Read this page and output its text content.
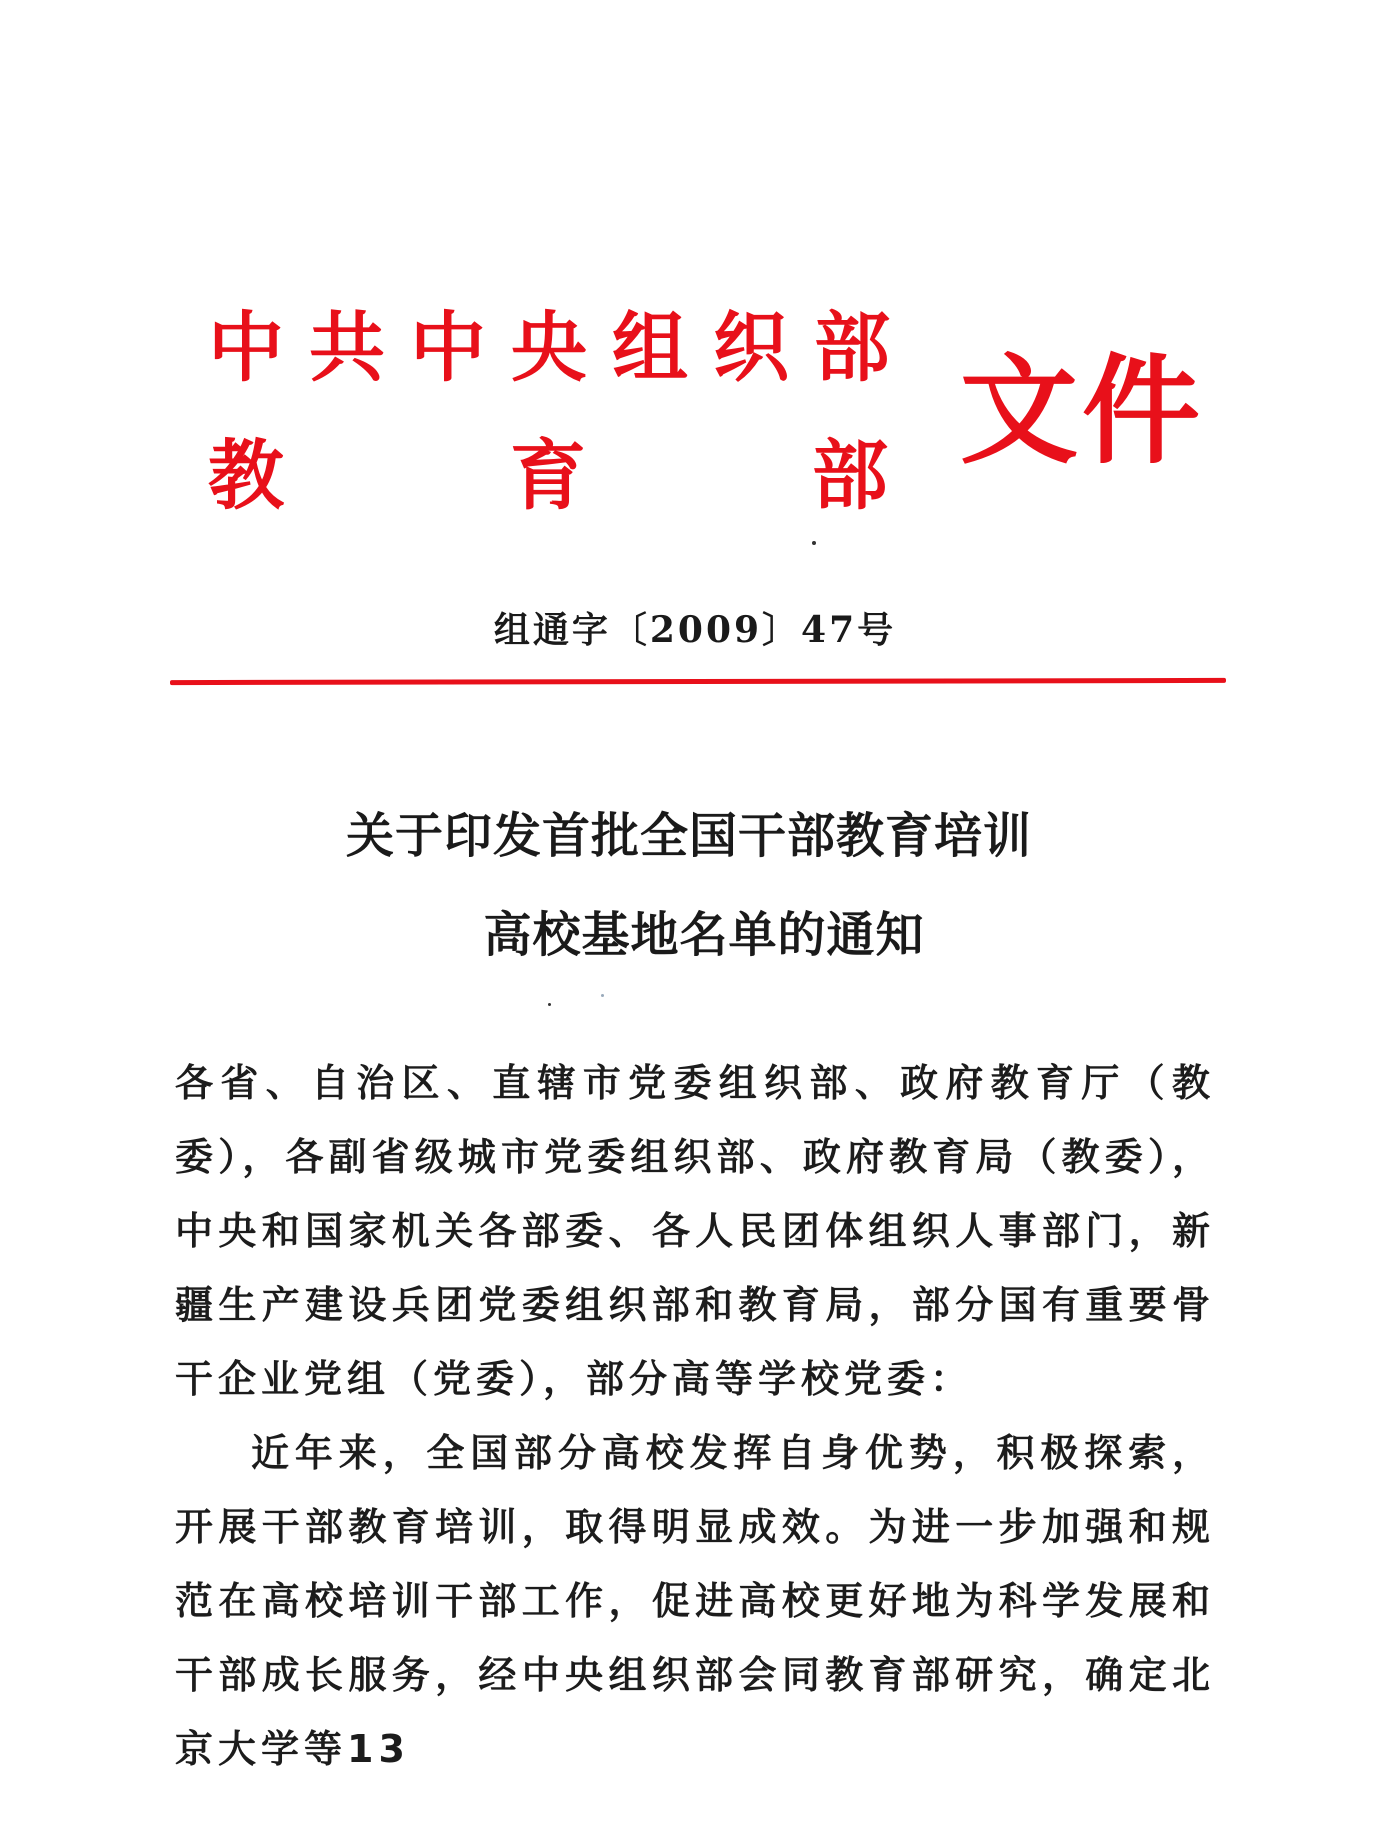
中共中央组织部
教	育	部 文件
组通字〔2009〕47号
关于印发首批全国干部教育培训
高校基地名单的通知
各省、自治区、直辖市党委组织部、政府教育厅（教委），各副省级城市党委组织部、政府教育局（教委），中央和国家机关各部委、各人民团体组织人事部门，新疆生产建设兵团党委组织部和教育局，部分国有重要骨干企业党组（党委），部分高等学校党委：
近年来，全国部分高校发挥自身优势，积极探索，开展干部教育培训，取得明显成效。为进一步加强和规范在高校培训干部工作，促进高校更好地为科学发展和干部成长服务，经中央组织部会同教育部研究，确定北京大学等13
